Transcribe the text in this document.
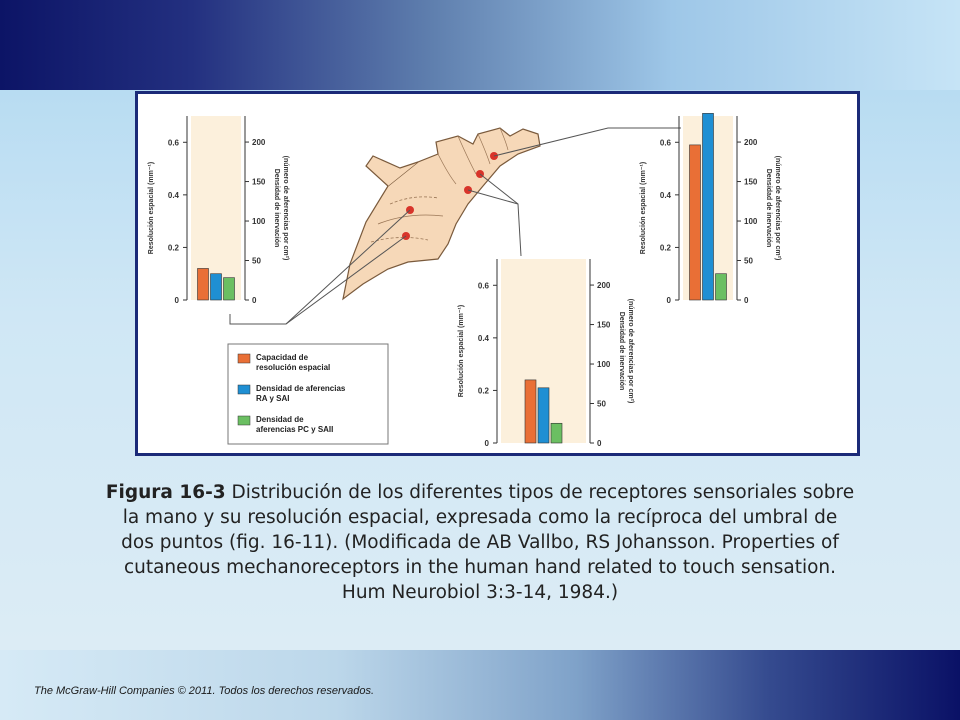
Capacidad de
resolución espacial
Densidad de aferencias
RA y SAI
Densidad de
aferencias PC y SAII
0
0.2
0.4
0.6
0
50
100
150
200
Resolución espacial (mm⁻¹)	Densidad de inervación (número de aferencias por cm²)
0
0.2
0.4
0.6
0
50
100
150
200
Resolución espacial (mm⁻¹)	Densidad de inervación (número de aferencias por cm²)
0
0.2
0.4
0.6
0
50
100
150
200
Resolución espacial (mm⁻¹)	Densidad de inervación (número de aferencias por cm²)
Figura 16-3 Distribución de los diferentes tipos de receptores sensoriales sobre la mano y su resolución espacial, expresada como la recíproca del umbral de dos puntos (fig. 16-11). (Modificada de AB Vallbo, RS Johansson. Properties of cutaneous mechanoreceptors in the human hand related to touch sensation. Hum Neurobiol 3:3-14, 1984.)
The McGraw-Hill Companies © 2011. Todos los derechos reservados.
